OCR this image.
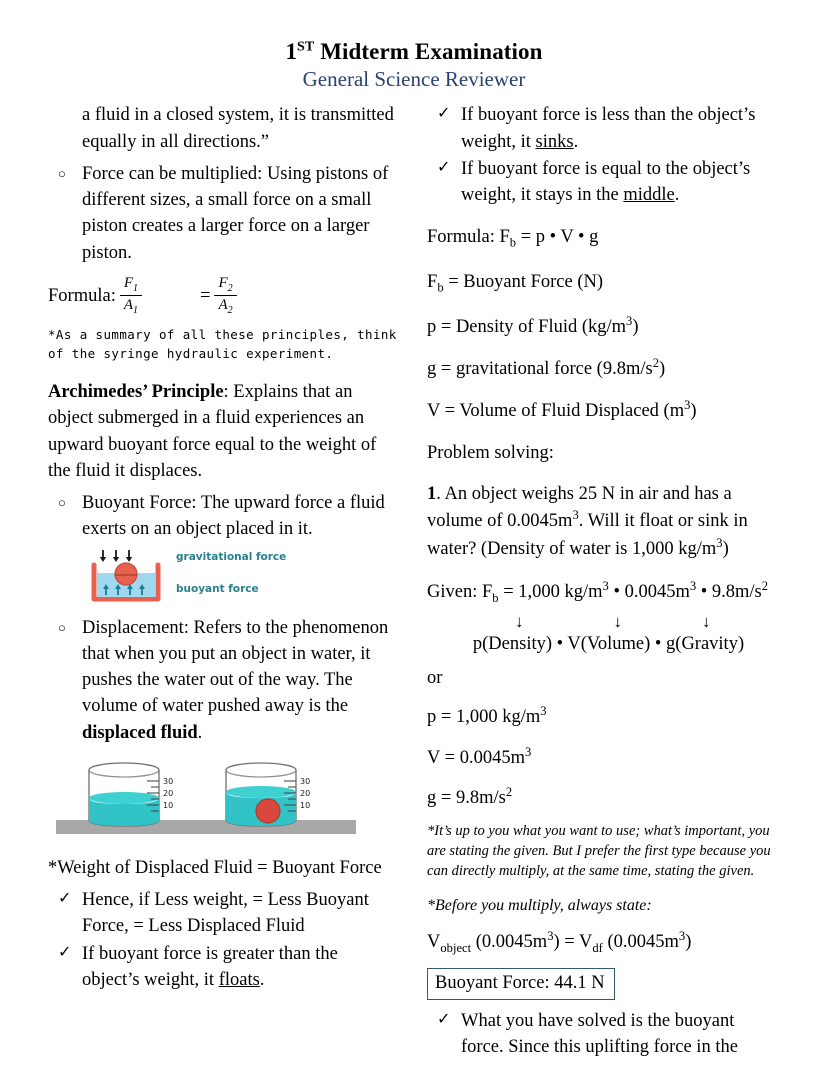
1ST Midterm Examination
General Science Reviewer
a fluid in a closed system, it is transmitted equally in all directions.”
○ Force can be multiplied: Using pistons of different sizes, a small force on a small piston creates a larger force on a larger piston.
Formula: $\frac{F_1}{A_1}$	= $\frac{F_2}{A_2}$
*As a summary of all these principles, think of the syringe hydraulic experiment.
Archimedes’ Principle: Explains that an object submerged in a fluid experiences an upward buoyant force equal to the weight of the fluid it displaces.
○ Buoyant Force: The upward force a fluid exerts on an object placed in it.
gravitational force
buoyant force
○ Displacement: Refers to the phenomenon that when you put an object in water, it pushes the water out of the way. The volume of water pushed away is the displaced fluid.
30
20
10
30
20
10
*Weight of Displaced Fluid = Buoyant Force
✓ Hence, if Less weight, = Less Buoyant Force, = Less Displaced Fluid
✓ If buoyant force is greater than the object’s weight, it floats.
✓ If buoyant force is less than the object’s weight, it sinks.
✓ If buoyant force is equal to the object’s weight, it stays in the middle.
Formula: $F_b = p$ • V • g
$F_b$ = Buoyant Force (N)
p = Density of Fluid $(kg/m^3)$
g = gravitational force $(9.8m/s^2)$
V = Volume of Fluid Displaced $(m^3)$
Problem solving:
1. An object weighs 25 N in air and has a volume of $0.0045m^3$. Will it float or sink in water? (Density of water is 1,000 $kg/m^3$)
Given: $F_b = 1,000$ $kg/m^3$ • $0.0045m^3$ • $9.8m/s^2$
↓	↓	↓
p(Density) • V(Volume) • g(Gravity)
or
p = 1,000 $kg/m^3$
$V = 0.0045m^3$
$g = 9.8m/s^2$
*It’s up to you what you want to use; what’s important, you are stating the given. But I prefer the first type because you can directly multiply, at the same time, stating the given.
*Before you multiply, always state:
$V_{object}$ $(0.0045m^3) = V_{df}$ $(0.0045m^3)$
Buoyant Force: 44.1 N
✓ What you have solved is the buoyant force. Since this uplifting force in the
